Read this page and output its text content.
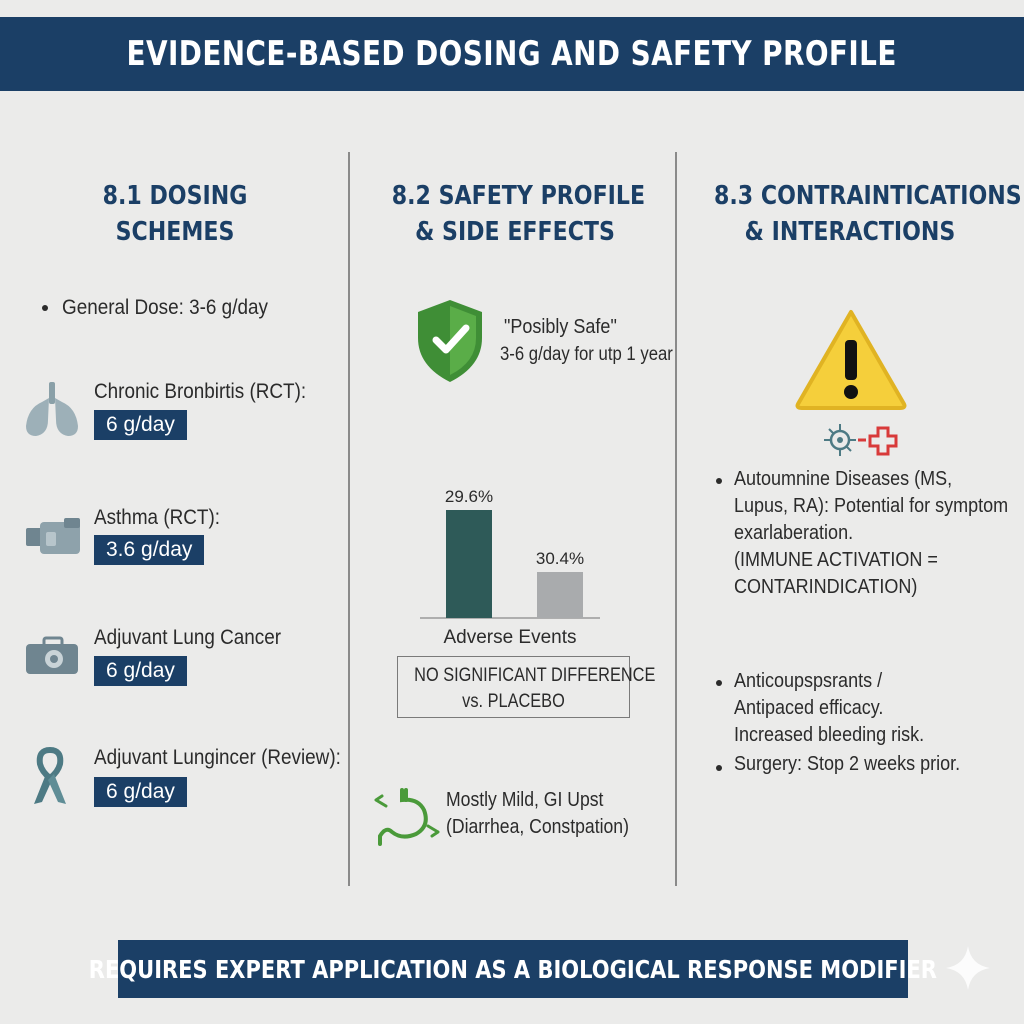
EVIDENCE-BASED DOSING AND SAFETY PROFILE
8.1 DOSING
SCHEMES
General Dose: 3-6 g/day
Chronic Bronbirtis (RCT):
6 g/day
Asthma (RCT):
3.6 g/day
Adjuvant Lung Cancer
6 g/day
Adjuvant Lungincer (Review):
6 g/day
8.2 SAFETY PROFILE
& SIDE EFFECTS
"Posibly Safe"
3-6 g/day for utp 1 year
Adverse Events
29.6%
30.4%
NO SIGNIFICANT DIFFERENCE
vs. PLACEBO
Mostly Mild, GI Upst
(Diarrhea, Constpation)
8.3 CONTRAINTICATIONS
& INTERACTIONS
Autoumnine Diseases (MS,
Lupus, RA): Potential for symptom
exarlaberation.
(IMMUNE ACTIVATION =
CONTARINDICATION)
Anticoupspsrants /
Antipaced efficacy.
Increased bleeding risk.
Surgery: Stop 2 weeks prior.
REQUIRES EXPERT APPLICATION AS A BIOLOGICAL RESPONSE MODIFIER
